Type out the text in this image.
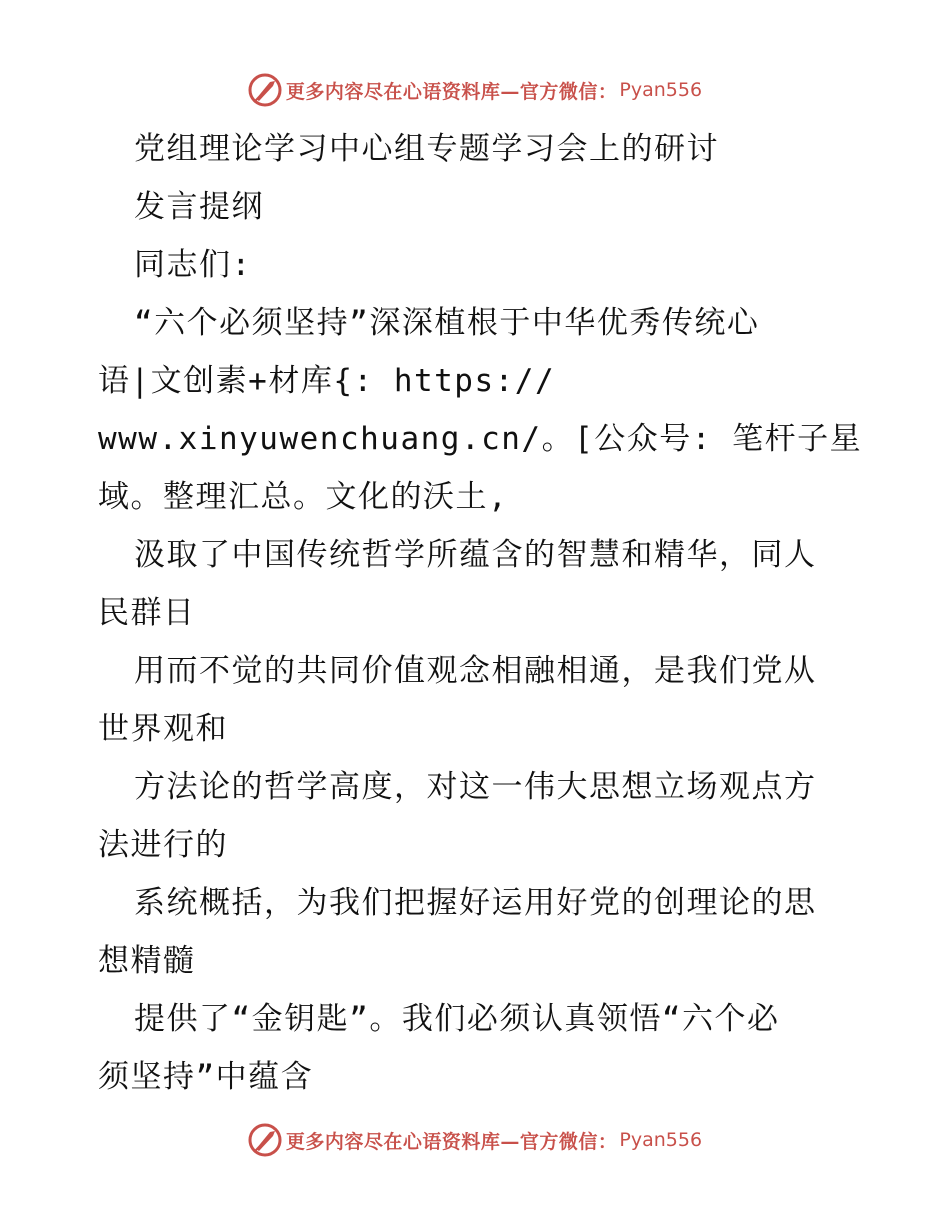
更多内容尽在心语资料库—官方微信： Pyan556
党组理论学习中心组专题学习会上的研讨
发言提纲
同志们:
“六个必须坚持”深深植根于中华优秀传统心
语|文创素+材库{: https://
www.xinyuwenchuang.cn/。[公众号: 笔杆子星
域。整理汇总。文化的沃土,
汲取了中国传统哲学所蕴含的智慧和精华，同人
民群日
用而不觉的共同价值观念相融相通，是我们党从
世界观和
方法论的哲学高度，对这一伟大思想立场观点方
法进行的
系统概括，为我们把握好运用好党的创理论的思
想精髓
提供了“金钥匙”。我们必须认真领悟“六个必
须坚持”中蕴含
更多内容尽在心语资料库—官方微信： Pyan556
